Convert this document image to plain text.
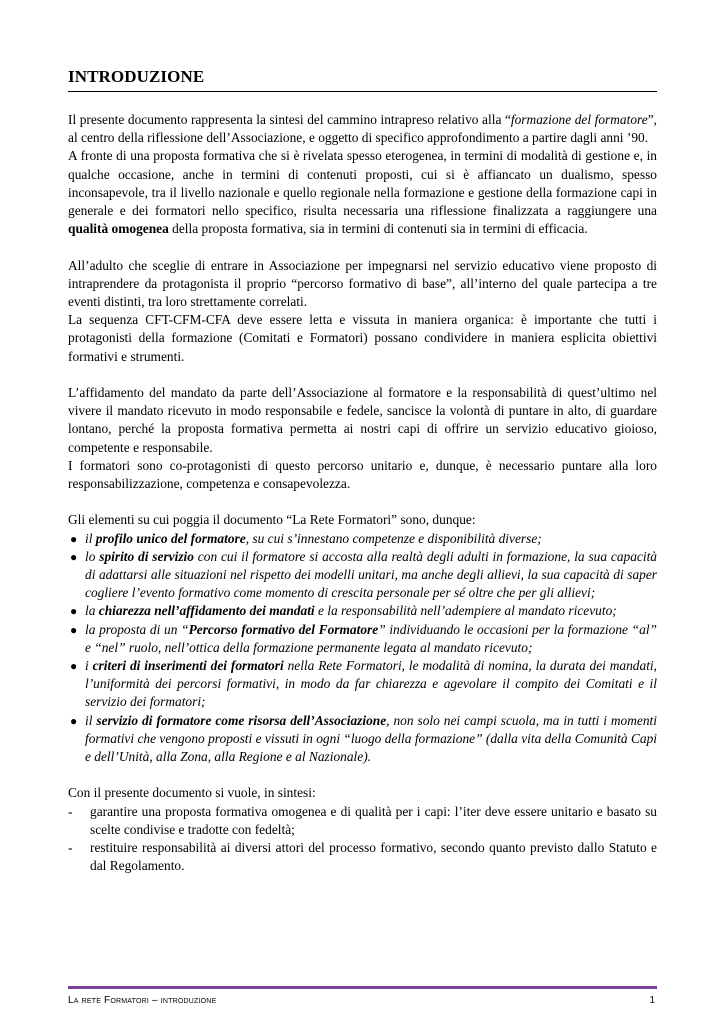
INTRODUZIONE

Il presente documento rappresenta la sintesi del cammino intrapreso relativo alla “formazione del formatore”, al centro della riflessione dell’Associazione, e oggetto di specifico approfondimento a partire dagli anni ’90.

A fronte di una proposta formativa che si è rivelata spesso eterogenea, in termini di modalità di gestione e, in qualche occasione, anche in termini di contenuti proposti, cui si è affiancato un dualismo, spesso inconsapevole, tra il livello nazionale e quello regionale nella formazione e gestione della formazione capi in generale e dei formatori nello specifico, risulta necessaria una riflessione finalizzata a raggiungere una qualità omogenea della proposta formativa, sia in termini di contenuti sia in termini di efficacia.

All’adulto che sceglie di entrare in Associazione per impegnarsi nel servizio educativo viene proposto di intraprendere da protagonista il proprio “percorso formativo di base”, all’interno del quale partecipa a tre eventi distinti, tra loro strettamente correlati.

La sequenza CFT-CFM-CFA deve essere letta e vissuta in maniera organica: è importante che tutti i protagonisti della formazione (Comitati e Formatori) possano condividere in maniera esplicita obiettivi formativi e strumenti.

L’affidamento del mandato da parte dell’Associazione al formatore e la responsabilità di quest’ultimo nel vivere il mandato ricevuto in modo responsabile e fedele, sancisce la volontà di puntare in alto, di guardare lontano, perché la proposta formativa permetta ai nostri capi di offrire un servizio educativo gioioso, competente e responsabile.

I formatori sono co-protagonisti di questo percorso unitario e, dunque, è necessario puntare alla loro responsabilizzazione, competenza e consapevolezza.

Gli elementi su cui poggia il documento “La Rete Formatori” sono, dunque:

● il profilo unico del formatore, su cui s’innestano competenze e disponibilità diverse;
● lo spirito di servizio con cui il formatore si accosta alla realtà degli adulti in formazione, la sua capacità di adattarsi alle situazioni nel rispetto dei modelli unitari, ma anche degli allievi, la sua capacità di saper cogliere l’evento formativo come momento di crescita personale per sé oltre che per gli allievi;
● la chiarezza nell’affidamento dei mandati e la responsabilità nell’adempiere al mandato ricevuto;
● la proposta di un “Percorso formativo del Formatore” individuando le occasioni per la formazione “al” e “nel” ruolo, nell’ottica della formazione permanente legata al mandato ricevuto;
● i criteri di inserimenti dei formatori nella Rete Formatori, le modalità di nomina, la durata dei mandati, l’uniformità dei percorsi formativi, in modo da far chiarezza e agevolare il compito dei Comitati e il servizio dei formatori;
● il servizio di formatore come risorsa dell’Associazione, non solo nei campi scuola, ma in tutti i momenti formativi che vengono proposti e vissuti in ogni “luogo della formazione” (dalla vita della Comunità Capi e dell’Unità, alla Zona, alla Regione e al Nazionale).

Con il presente documento si vuole, in sintesi:

- garantire una proposta formativa omogenea e di qualità per i capi: l’iter deve essere unitario e basato su scelte condivise e tradotte con fedeltà;
- restituire responsabilità ai diversi attori del processo formativo, secondo quanto previsto dallo Statuto e dal Regolamento.
La rete Formatori – introduzione	1
